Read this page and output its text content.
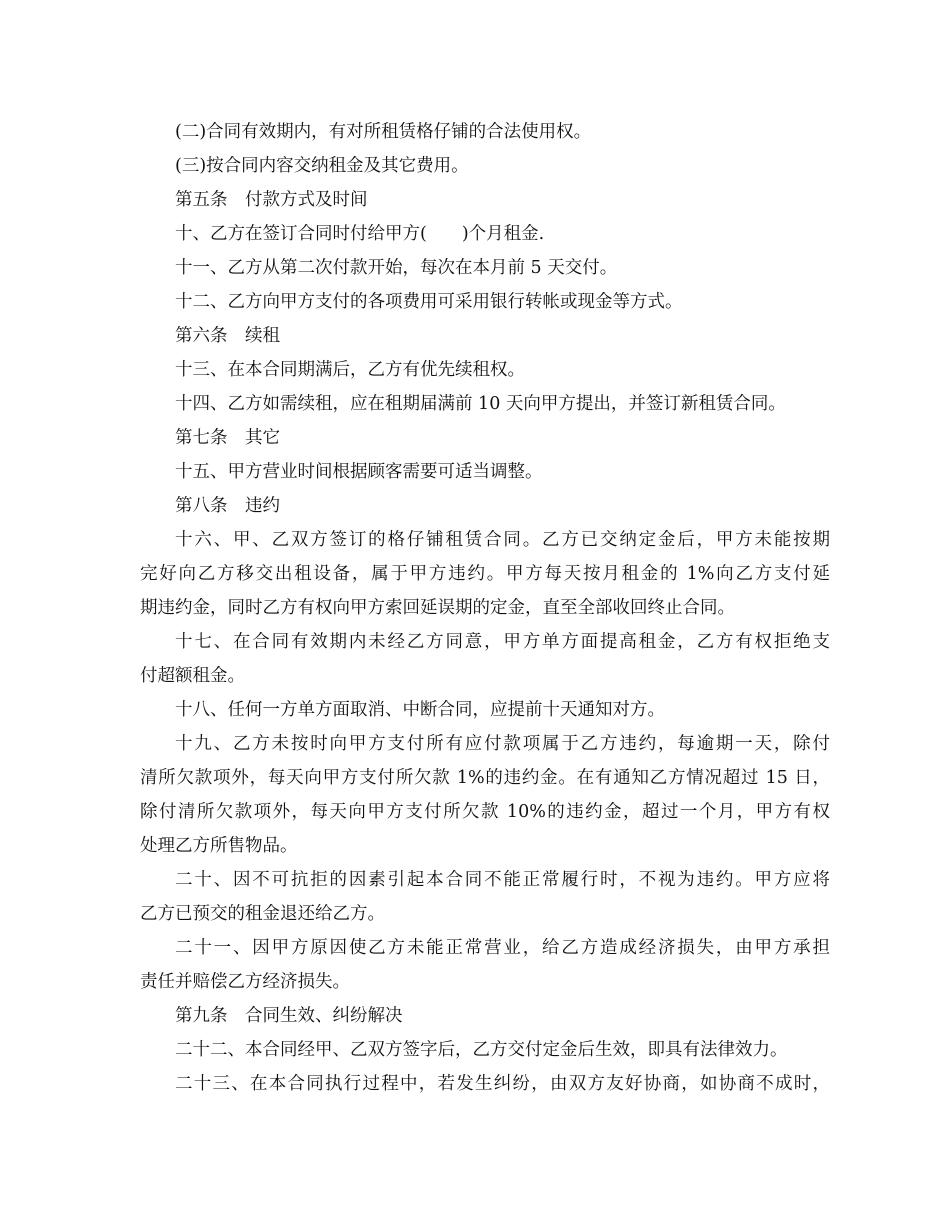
(二)合同有效期内，有对所租赁格仔铺的合法使用权。
(三)按合同内容交纳租金及其它费用。
第五条　付款方式及时间
十、乙方在签订合同时付给甲方(　　)个月租金.
十一、乙方从第二次付款开始，每次在本月前 5 天交付。
十二、乙方向甲方支付的各项费用可采用银行转帐或现金等方式。
第六条　续租
十三、在本合同期满后，乙方有优先续租权。
十四、乙方如需续租，应在租期届满前 10 天向甲方提出，并签订新租赁合同。
第七条　其它
十五、甲方营业时间根据顾客需要可适当调整。
第八条　违约
十六、甲、乙双方签订的格仔铺租赁合同。乙方已交纳定金后，甲方未能按期
完好向乙方移交出租设备，属于甲方违约。甲方每天按月租金的 1%向乙方支付延
期违约金，同时乙方有权向甲方索回延误期的定金，直至全部收回终止合同。
十七、在合同有效期内未经乙方同意，甲方单方面提高租金，乙方有权拒绝支
付超额租金。
十八、任何一方单方面取消、中断合同，应提前十天通知对方。
十九、乙方未按时向甲方支付所有应付款项属于乙方违约，每逾期一天，除付
清所欠款项外，每天向甲方支付所欠款 1%的违约金。在有通知乙方情况超过 15 日，
除付清所欠款项外，每天向甲方支付所欠款 10%的违约金，超过一个月，甲方有权
处理乙方所售物品。
二十、因不可抗拒的因素引起本合同不能正常履行时，不视为违约。甲方应将
乙方已预交的租金退还给乙方。
二十一、因甲方原因使乙方未能正常营业，给乙方造成经济损失，由甲方承担
责任并赔偿乙方经济损失。
第九条　合同生效、纠纷解决
二十二、本合同经甲、乙双方签字后，乙方交付定金后生效，即具有法律效力。
二十三、在本合同执行过程中，若发生纠纷，由双方友好协商，如协商不成时，
